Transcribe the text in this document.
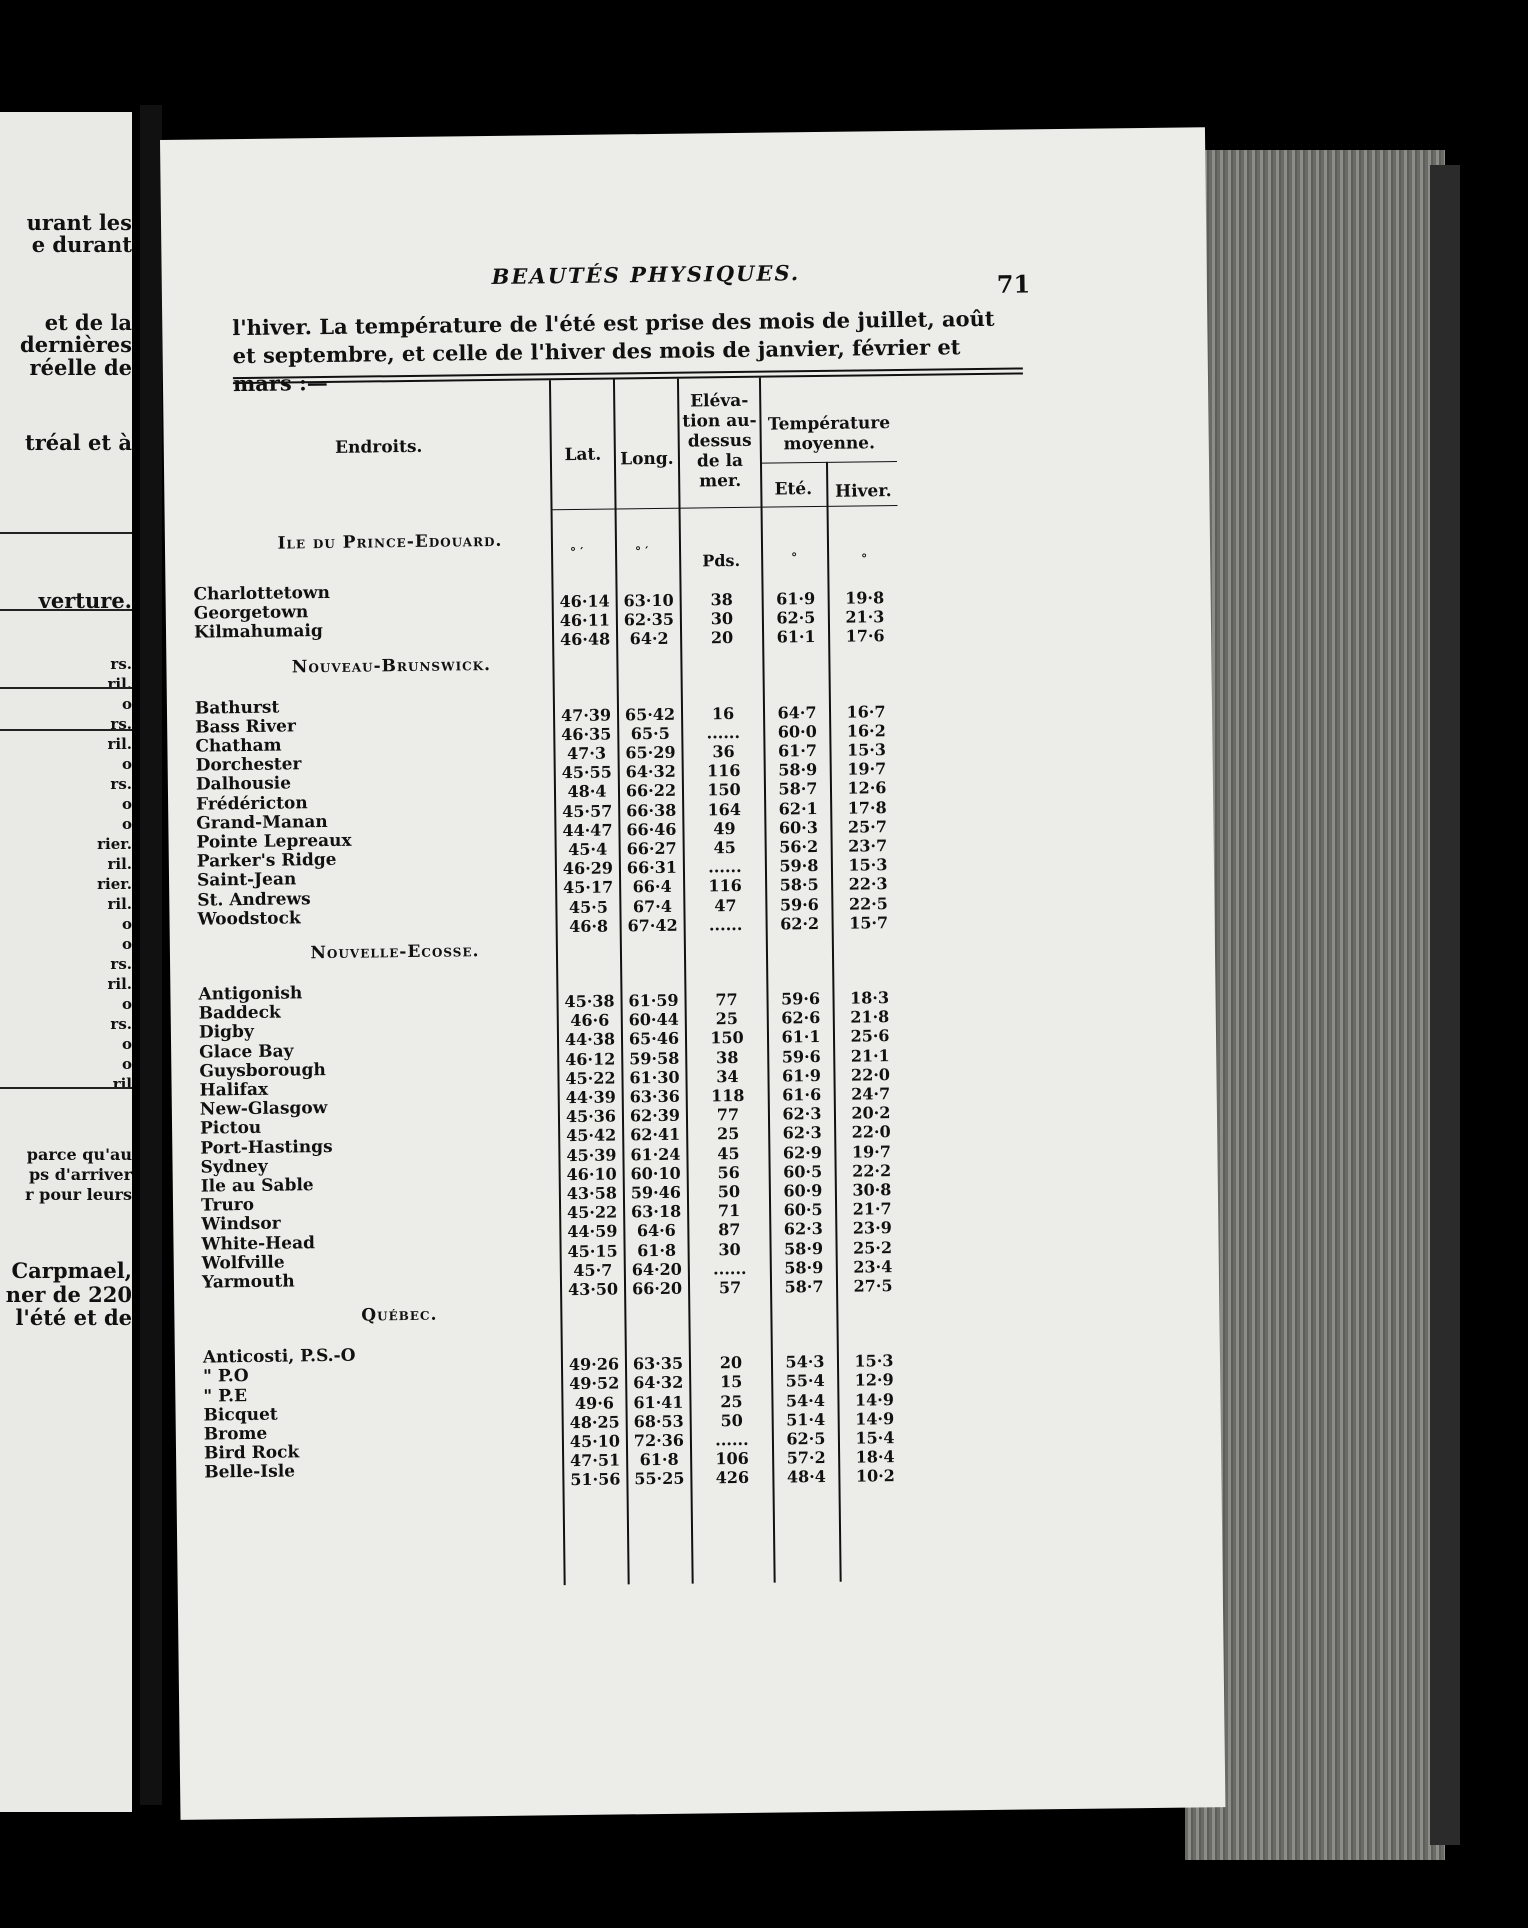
urant les
e durant
et de la
dernières
réelle de
tréal et à
verture.
rs.
ril.
o
rs.
ril.
o
rs.
o
o
rier.
ril.
rier.
ril.
o
o
rs.
ril.
o
rs.
o
o
ril
parce qu'au
ps d'arriver
r pour leurs
Carpmael,
ner de 220
l'été et de
BEAUTÉS PHYSIQUES.	71
l'hiver. La température de l'été est prise des mois de juillet, août et septembre, et celle de l'hiver des mois de janvier, février et mars :—
Endroits.	Lat.	Long.
Eléva- tion au- dessus de la mer.
Température moyenne.
Eté.	Hiver.
° ′	° ′	Pds.	°	°
Ile du Prince-Edouard.
Charlottetown	46·14 63·10	38	61·9	19·8
Georgetown	46·11 62·35	30	62·5	21·3
Kilmahumaig	46·48	64·2	20	61·1	17·6
Nouveau-Brunswick.
Bathurst	47·39 65·42	16	64·7	16·7
Bass River	46·35	65·5	......	60·0	16·2
Chatham	47·3	65·29	36	61·7	15·3
Dorchester	45·55 64·32	116	58·9	19·7
Dalhousie	48·4	66·22	150	58·7	12·6
Frédéricton	45·57 66·38	164	62·1	17·8
Grand-Manan	44·47 66·46	49	60·3	25·7
Pointe Lepreaux	45·4	66·27	45	56·2	23·7
Parker's Ridge	46·29 66·31	......	59·8	15·3
Saint-Jean	45·17	66·4	116	58·5	22·3
St. Andrews	45·5	67·4	47	59·6	22·5
Woodstock	46·8	67·42	......	62·2	15·7
Nouvelle-Ecosse.
Antigonish	45·38 61·59	77	59·6	18·3
Baddeck	46·6	60·44	25	62·6	21·8
Digby	44·38 65·46	150	61·1	25·6
Glace Bay	46·12 59·58	38	59·6	21·1
Guysborough	45·22 61·30	34	61·9	22·0
Halifax	44·39 63·36	118	61·6	24·7
New-Glasgow	45·36 62·39	77	62·3	20·2
Pictou	45·42 62·41	25	62·3	22·0
Port-Hastings	45·39 61·24	45	62·9	19·7
Sydney	46·10 60·10	56	60·5	22·2
Ile au Sable	43·58 59·46	50	60·9	30·8
Truro	45·22 63·18	71	60·5	21·7
Windsor	44·59	64·6	87	62·3	23·9
White-Head	45·15	61·8	30	58·9	25·2
Wolfville	45·7	64·20	......	58·9	23·4
Yarmouth	43·50 66·20	57	58·7	27·5
Québec.
Anticosti, P.S.-O	49·26 63·35	20	54·3	15·3
" P.O	49·52 64·32	15	55·4	12·9
" P.E	49·6	61·41	25	54·4	14·9
Bicquet	48·25 68·53	50	51·4	14·9
Brome	45·10 72·36	......	62·5	15·4
Bird Rock	47·51	61·8	106	57·2	18·4
Belle-Isle	51·56 55·25	426	48·4	10·2
